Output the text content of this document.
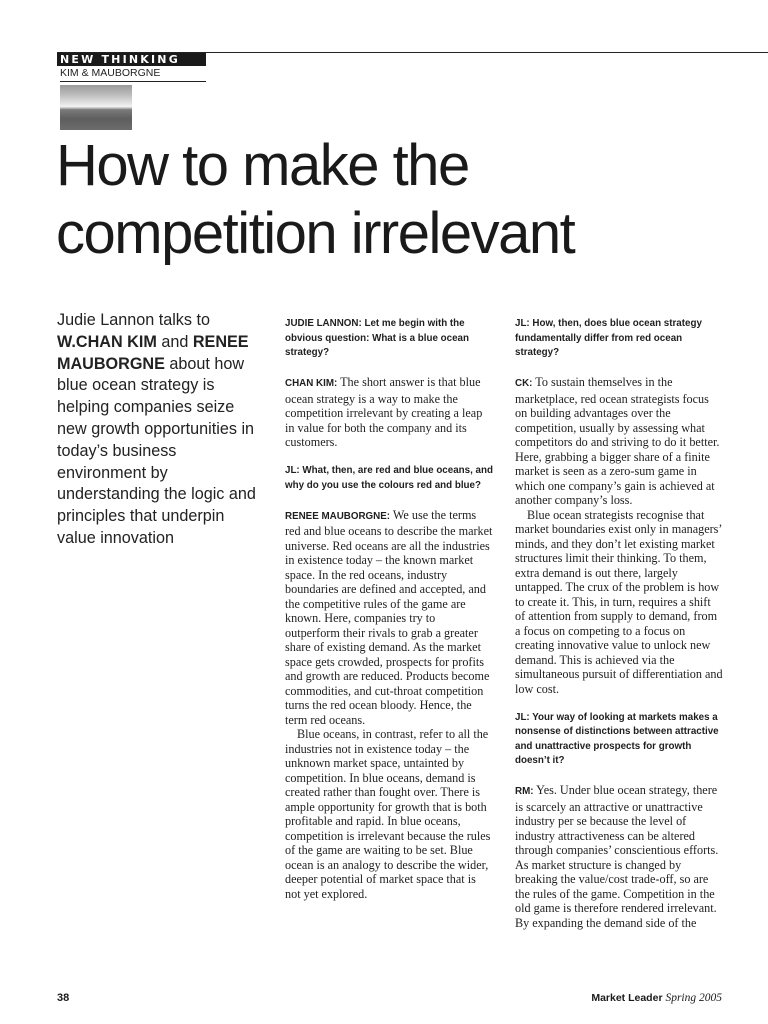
NEW THINKING
KIM & MAUBORGNE
How to make the
competition irrelevant
Judie Lannon talks to W.CHAN KIM and RENEE MAUBORGNE about how blue ocean strategy is helping companies seize new growth opportunities in today’s business environment by understanding the logic and principles that underpin value innovation

JUDIE LANNON: Let me begin with the obvious question: What is a blue ocean strategy?

CHAN KIM: The short answer is that blue ocean strategy is a way to make the competition irrelevant by creating a leap in value for both the company and its customers.

JL: What, then, are red and blue oceans, and why do you use the colours red and blue?

RENEE MAUBORGNE: We use the terms red and blue oceans to describe the market universe. Red oceans are all the industries in existence today – the known market space. In the red oceans, industry boundaries are defined and accepted, and the competitive rules of the game are known. Here, companies try to outperform their rivals to grab a greater share of existing demand. As the market space gets crowded, prospects for profits and growth are reduced. Products become commodities, and cut-throat competition turns the red ocean bloody. Hence, the term red oceans.

Blue oceans, in contrast, refer to all the industries not in existence today – the unknown market space, untainted by competition. In blue oceans, demand is created rather than fought over. There is ample opportunity for growth that is both profitable and rapid. In blue oceans, competition is irrelevant because the rules of the game are waiting to be set. Blue ocean is an analogy to describe the wider, deeper potential of market space that is not yet explored.

JL: How, then, does blue ocean strategy fundamentally differ from red ocean strategy?

CK: To sustain themselves in the marketplace, red ocean strategists focus on building advantages over the competition, usually by assessing what competitors do and striving to do it better. Here, grabbing a bigger share of a finite market is seen as a zero-sum game in which one company’s gain is achieved at another company’s loss.

Blue ocean strategists recognise that market boundaries exist only in managers’ minds, and they don’t let existing market structures limit their thinking. To them, extra demand is out there, largely untapped. The crux of the problem is how to create it. This, in turn, requires a shift of attention from supply to demand, from a focus on competing to a focus on creating innovative value to unlock new demand. This is achieved via the simultaneous pursuit of differentiation and low cost.

JL: Your way of looking at markets makes a nonsense of distinctions between attractive and unattractive prospects for growth doesn’t it?

RM: Yes. Under blue ocean strategy, there is scarcely an attractive or unattractive industry per se because the level of industry attractiveness can be altered through companies’ conscientious efforts. As market structure is changed by breaking the value/cost trade-off, so are the rules of the game. Competition in the old game is therefore rendered irrelevant. By expanding the demand side of the

38	Market Leader Spring 2005
